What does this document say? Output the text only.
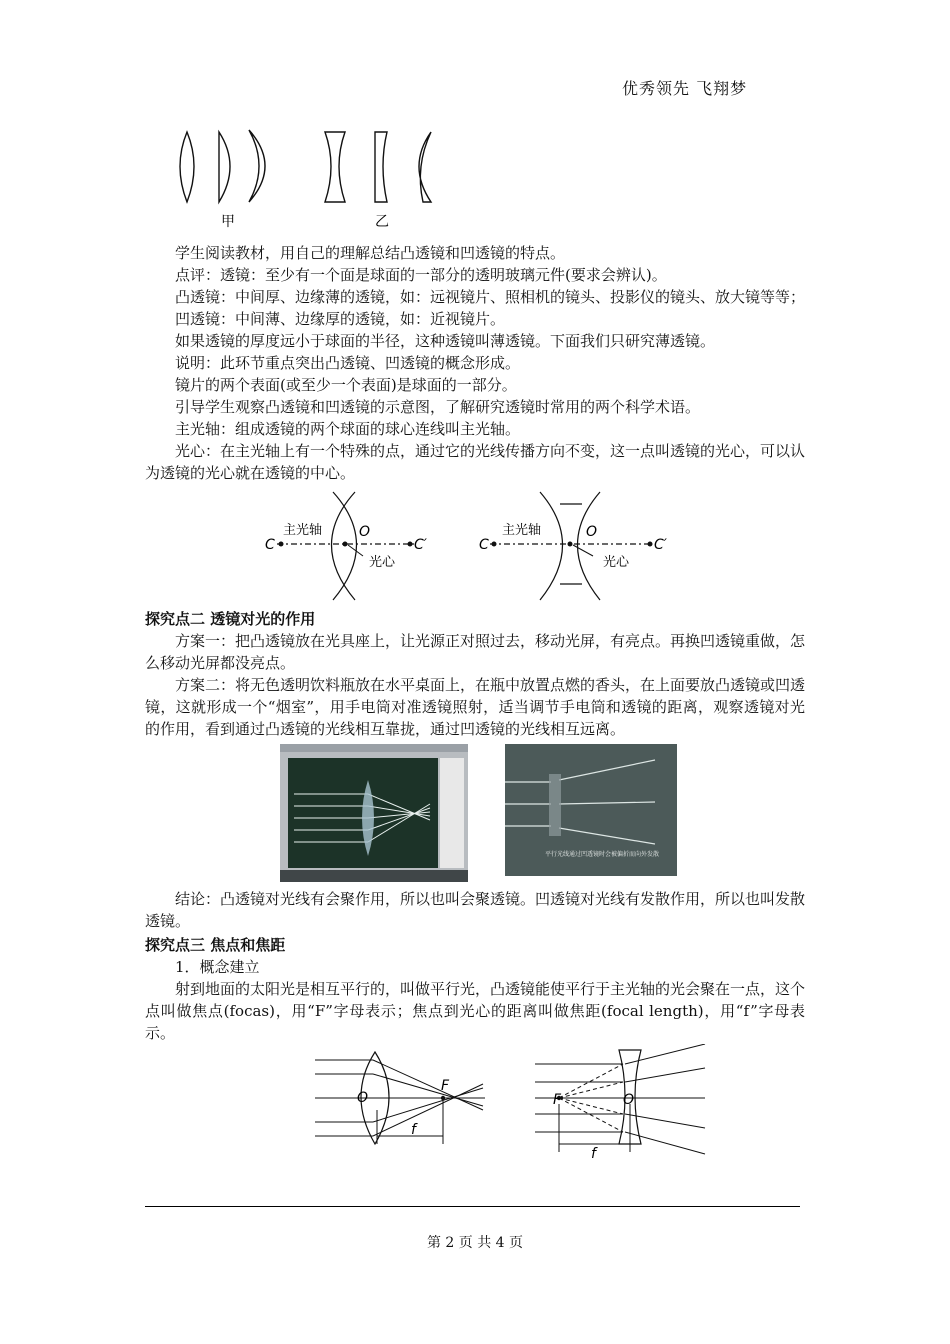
优秀领先 飞翔梦
甲	乙

学生阅读教材，用自己的理解总结凸透镜和凹透镜的特点。

点评：透镜：至少有一个面是球面的一部分的透明玻璃元件(要求会辨认)。

凸透镜：中间厚、边缘薄的透镜，如：远视镜片、照相机的镜头、投影仪的镜头、放大镜等等；

凹透镜：中间薄、边缘厚的透镜，如：近视镜片。

如果透镜的厚度远小于球面的半径，这种透镜叫薄透镜。下面我们只研究薄透镜。

说明：此环节重点突出凸透镜、凹透镜的概念形成。

镜片的两个表面(或至少一个表面)是球面的一部分。

引导学生观察凸透镜和凹透镜的示意图，了解研究透镜时常用的两个科学术语。

主光轴：组成透镜的两个球面的球心连线叫主光轴。

光心：在主光轴上有一个特殊的点，通过它的光线传播方向不变，这一点叫透镜的光心，可以认为透镜的光心就在透镜的中心。

C
O
C′	C
O
C′
主光轴
光心
主光轴
光心
探究点二 透镜对光的作用

方案一：把凸透镜放在光具座上，让光源正对照过去，移动光屏，有亮点。再换凹透镜重做，怎么移动光屏都没亮点。

方案二：将无色透明饮料瓶放在水平桌面上，在瓶中放置点燃的香头，在上面要放凸透镜或凹透镜，这就形成一个“烟室”，用手电筒对准透镜照射，适当调节手电筒和透镜的距离，观察透镜对光的作用，看到通过凸透镜的光线相互靠拢，通过凹透镜的光线相互远离。

平行光线通过凹透镜时会被偏折而向外发散

结论：凸透镜对光线有会聚作用，所以也叫会聚透镜。凹透镜对光线有发散作用，所以也叫发散透镜。

探究点三 焦点和焦距

1．概念建立

射到地面的太阳光是相互平行的，叫做平行光，凸透镜能使平行于主光轴的光会聚在一点，这个点叫做焦点(focas)，用“F”字母表示；焦点到光心的距离叫做焦距(focal length)，用“f”字母表示。

O
F
f
F	O
f
第 2 页 共 4 页
